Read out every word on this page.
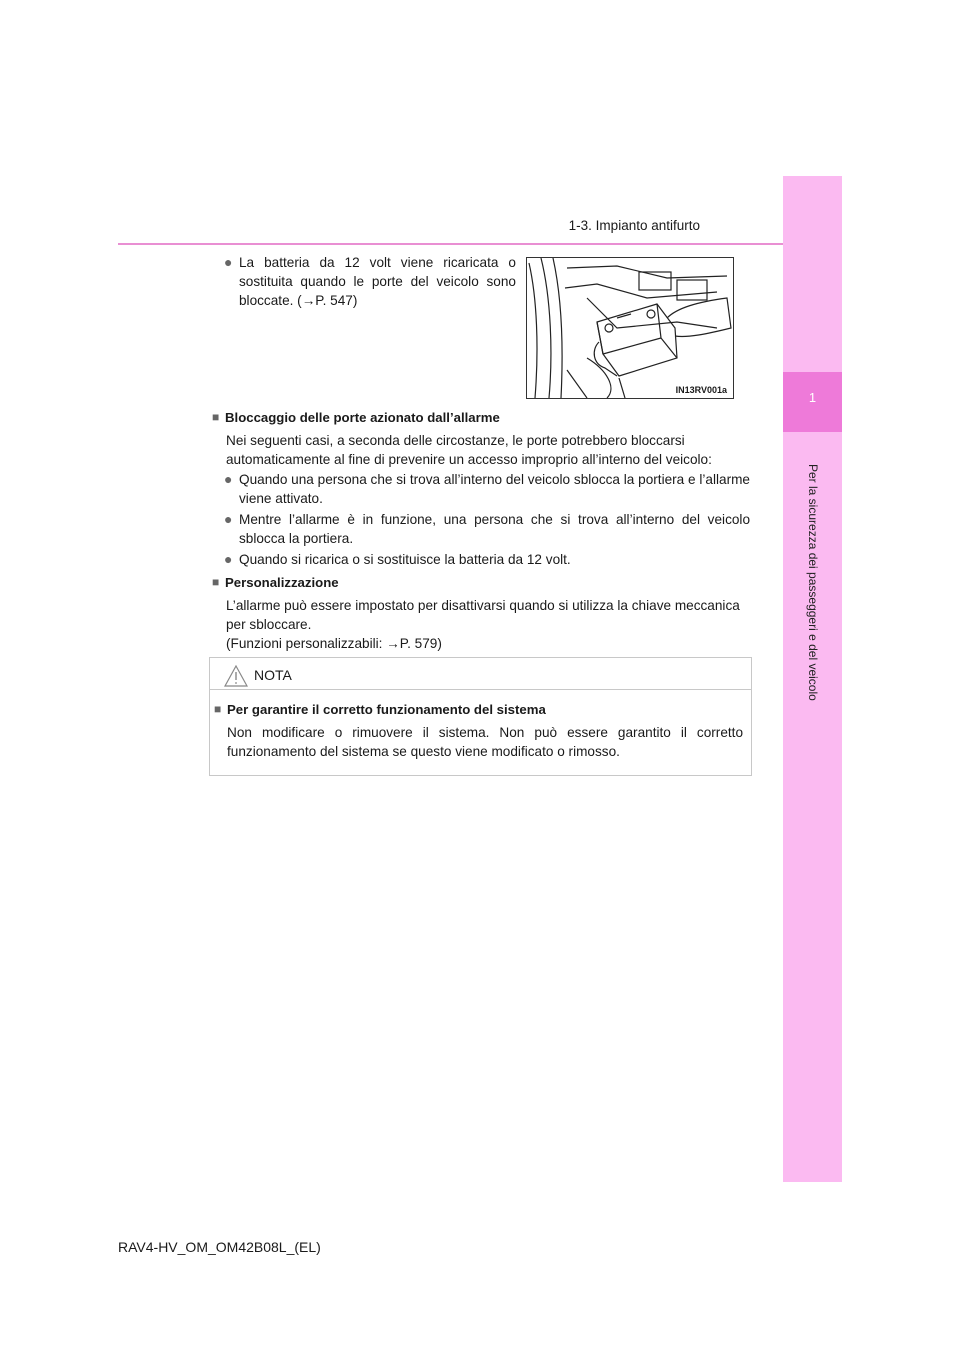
1-3. Impianto antifurto
1
Per la sicurezza dei passeggeri e del veicolo
● La batteria da 12 volt viene ricaricata o sostituita quando le porte del veicolo sono bloccate. (→P. 547)
IN13RV001a
■ Bloccaggio delle porte azionato dall’allarme
Nei seguenti casi, a seconda delle circostanze, le porte potrebbero bloccarsi automaticamente al fine di prevenire un accesso improprio all’interno del veicolo:
● Quando una persona che si trova all’interno del veicolo sblocca la portiera e l’allarme viene attivato.
● Mentre l’allarme è in funzione, una persona che si trova all’interno del veicolo sblocca la portiera.
● Quando si ricarica o si sostituisce la batteria da 12 volt.
■ Personalizzazione
L’allarme può essere impostato per disattivarsi quando si utilizza la chiave meccanica per sbloccare.
(Funzioni personalizzabili: →P. 579)
NOTA
■ Per garantire il corretto funzionamento del sistema
Non modificare o rimuovere il sistema. Non può essere garantito il corretto funzionamento del sistema se questo viene modificato o rimosso.
RAV4-HV_OM_OM42B08L_(EL)
